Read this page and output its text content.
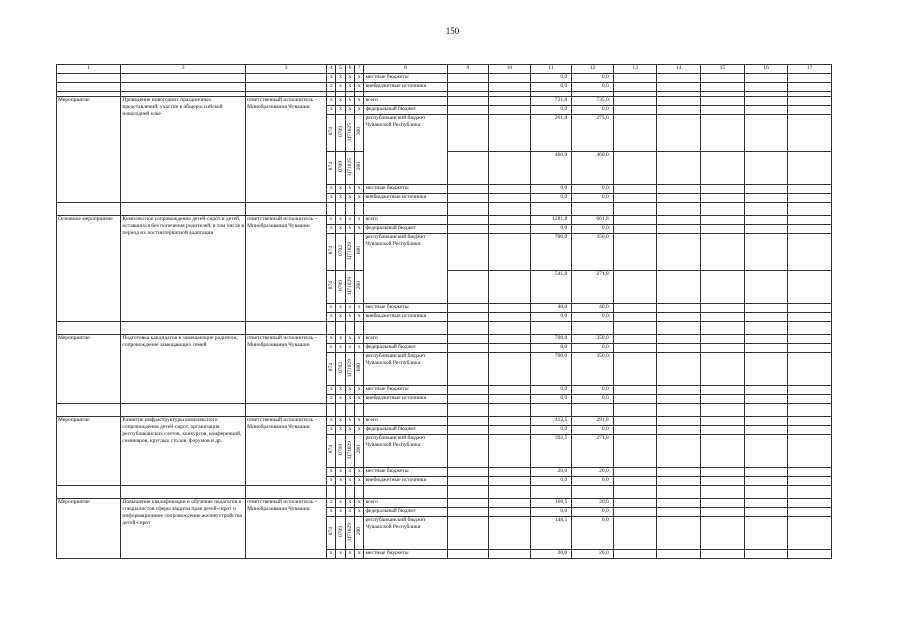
150
1	2	3	4	5	6	7	8	9	10	11	12	13	14	15	16	17
			x	x	x	x	местные бюджеты			0,0	0,0					
			x	x	x	x	внебюджетные источники			0,0	0,0					

Мероприятие	Проведение новогодних праздничных представлений, участие в общероссийской новогодней елке	ответственный исполнитель – Минобразования Чувашии	x	x	x	x	всего			721,0	735,0					
			x	x	x	x	федеральный бюджет			0,0	0,0					
			874	0709	Ц71025	300	республиканский бюджет Чувашской Республики			261,0	275,0					
			874	0709	Ц71025	200				460,0	460,0					
			x	x	x	x	местные бюджеты			0,0	0,0					
			x	x	x	x	внебюджетные источники			0,0	0,0					

Основное мероприятие	Комплексное сопровождение детей-сирот и детей, оставшихся без попечения родителей, в том числе в период их постинтернатной адаптации	ответственный исполнитель – Минобразования Чувашии	x	x	x	x	всего			1281,8	661,8					
			x	x	x	x	федеральный бюджет			0,0	0,0					
			874	0702	Ц71029	600	республиканский бюджет Чувашской Республики			700,0	350,0					
			874	0709	Ц71029	200				541,0	271,8					
			x	x	x	x	местные бюджеты			40,0	40,0					
			x	x	x	x	внебюджетные источники			0,0	0,0					

Мероприятие	Подготовка кандидатов в замещающие родители, сопровождение замещающих семей	ответственный исполнитель – Минобразования Чувашии	x	x	x	x	всего			700,0	350,0					
			x	x	x	x	федеральный бюджет			0,0	0,0					
			874	0702	Ц71029	600	республиканский бюджет Чувашской Республики			700,0	350,0					
			x	x	x	x	местные бюджеты			0,0	0,0					
			x	x	x	x	внебюджетные источники			0,0	0,0					

Мероприятие	Развитие инфраструктуры комплексного сопровождения детей-сирот, организация республиканских слетов, конкурсов, конференций, семинаров, круглых столов, форумов и др.	ответственный исполнитель – Минобразования Чувашии	x	x	x	x	всего			412,5	291,8					
			x	x	x	x	федеральный бюджет			0,0	0,0					
			874	0709	Ц71029	200	республиканский бюджет Чувашской Республики			392,5	271,8					
			x	x	x	x	местные бюджеты			20,0	20,0					
			x	x	x	x	внебюджетные источники			0,0	0,0					

Мероприятие	Повышение квалификации и обучение педагогов и специалистов сферы защиты прав детей-сирот и информационное сопровождение жизнеустройства детей-сирот	ответственный исполнитель – Минобразования Чувашии	x	x	x	x	всего			168,5	20,0					
			x	x	x	x	федеральный бюджет			0,0	0,0					
			874	0709	Ц71029	200	республиканский бюджет Чувашской Республики			148,5	0,0					
			x	x	x	x	местные бюджеты			20,0	20,0					
